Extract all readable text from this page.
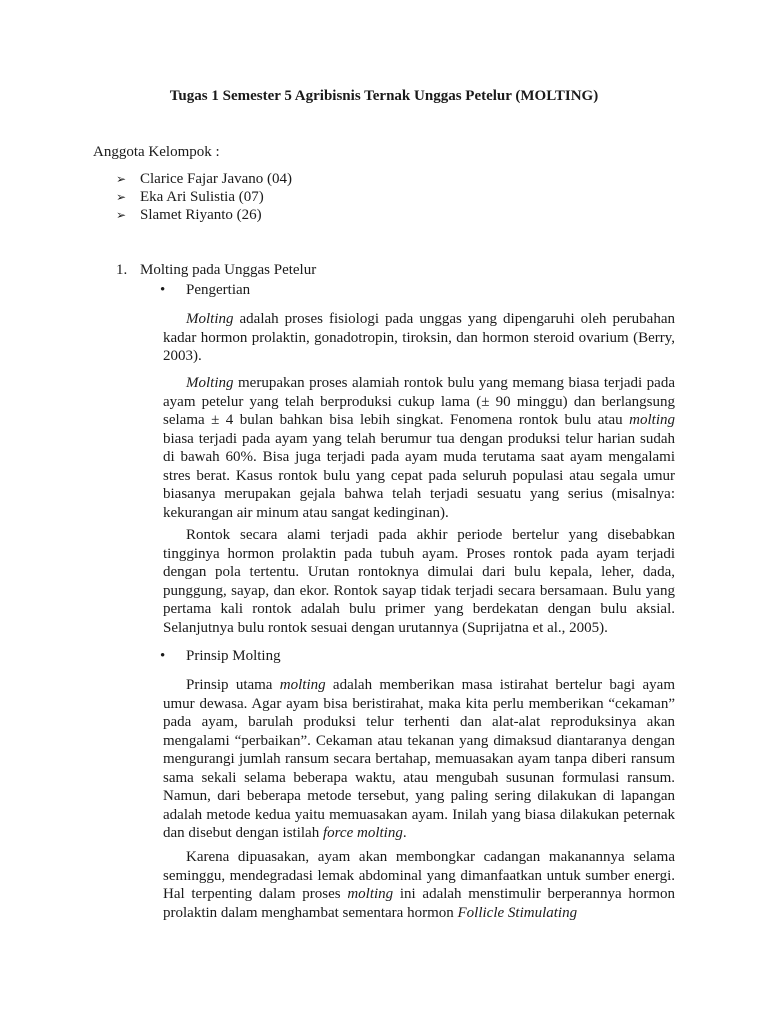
Tugas 1 Semester 5 Agribisnis Ternak Unggas Petelur (MOLTING)
Anggota Kelompok :
➢ Clarice Fajar Javano (04)
➢ Eka Ari Sulistia (07)
➢ Slamet Riyanto (26)
1. Molting pada Unggas Petelur
•	Pengertian

Molting adalah proses fisiologi pada unggas yang dipengaruhi oleh perubahan kadar hormon prolaktin, gonadotropin, tiroksin, dan hormon steroid ovarium (Berry, 2003).

Molting merupakan proses alamiah rontok bulu yang memang biasa terjadi pada ayam petelur yang telah berproduksi cukup lama (± 90 minggu) dan berlangsung selama ± 4 bulan bahkan bisa lebih singkat. Fenomena rontok bulu atau molting biasa terjadi pada ayam yang telah berumur tua dengan produksi telur harian sudah di bawah 60%. Bisa juga terjadi pada ayam muda terutama saat ayam mengalami stres berat. Kasus rontok bulu yang cepat pada seluruh populasi atau segala umur biasanya merupakan gejala bahwa telah terjadi sesuatu yang serius (misalnya: kekurangan air minum atau sangat kedinginan).

Rontok secara alami terjadi pada akhir periode bertelur yang disebabkan tingginya hormon prolaktin pada tubuh ayam. Proses rontok pada ayam terjadi dengan pola tertentu. Urutan rontoknya dimulai dari bulu kepala, leher, dada, punggung, sayap, dan ekor. Rontok sayap tidak terjadi secara bersamaan. Bulu yang pertama kali rontok adalah bulu primer yang berdekatan dengan bulu aksial. Selanjutnya bulu rontok sesuai dengan urutannya (Suprijatna et al., 2005).

•	Prinsip Molting

Prinsip utama molting adalah memberikan masa istirahat bertelur bagi ayam umur dewasa. Agar ayam bisa beristirahat, maka kita perlu memberikan “cekaman” pada ayam, barulah produksi telur terhenti dan alat-alat reproduksinya akan mengalami “perbaikan”. Cekaman atau tekanan yang dimaksud diantaranya dengan mengurangi jumlah ransum secara bertahap, memuasakan ayam tanpa diberi ransum sama sekali selama beberapa waktu, atau mengubah susunan formulasi ransum. Namun, dari beberapa metode tersebut, yang paling sering dilakukan di lapangan adalah metode kedua yaitu memuasakan ayam. Inilah yang biasa dilakukan peternak dan disebut dengan istilah force molting.

Karena dipuasakan, ayam akan membongkar cadangan makanannya selama seminggu, mendegradasi lemak abdominal yang dimanfaatkan untuk sumber energi. Hal terpenting dalam proses molting ini adalah menstimulir berperannya hormon prolaktin dalam menghambat sementara hormon Follicle Stimulating
